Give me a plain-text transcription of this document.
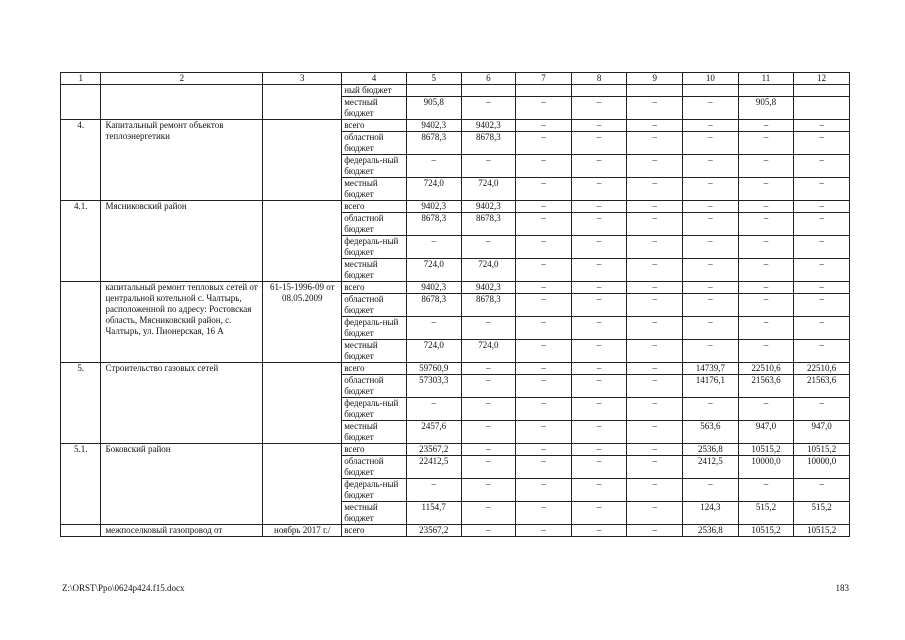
1	2	3	4	5	6	7	8	9	10	11	12
			ный бюджет								
			местный бюджет	905,8	–	–	–	–	–	905,8	
4.	Капитальный ремонт объектов теплоэнергетики		всего	9402,3	9402,3	–	–	–	–	–	–
			областной бюджет	8678,3	8678,3	–	–	–	–	–	–
			федераль-ный бюджет	–	–	–	–	–	–	–	–
			местный бюджет	724,0	724,0	–	–	–	–	–	–
4.1.	Мясниковский район		всего	9402,3	9402,3	–	–	–	–	–	–
			областной бюджет	8678,3	8678,3	–	–	–	–	–	–
			федераль-ный бюджет	–	–	–	–	–	–	–	–
			местный бюджет	724,0	724,0	–	–	–	–	–	–
	капитальный ремонт тепловых сетей от центральной котельной с. Чалтырь, расположенной по адресу: Ростовская область, Мясниковский район, с. Чалтырь, ул. Пионерская, 16 А	61-15-1996-09 от 08.05.2009	всего	9402,3	9402,3	–	–	–	–	–	–
			областной бюджет	8678,3	8678,3	–	–	–	–	–	–
			федераль-ный бюджет	–	–	–	–	–	–	–	–
			местный бюджет	724,0	724,0	–	–	–	–	–	–
5.	Строительство газовых сетей		всего	59760,9	–	–	–	–	14739,7	22510,6	22510,6
			областной бюджет	57303,3	–	–	–	–	14176,1	21563,6	21563,6
			федераль-ный бюджет	–	–	–	–	–	–	–	–
			местный бюджет	2457,6	–	–	–	–	563,6	947,0	947,0
5.1.	Боковский район		всего	23567,2	–	–	–	–	2536,8	10515,2	10515,2
			областной бюджет	22412,5	–	–	–	–	2412,5	10000,0	10000,0
			федераль-ный бюджет	–	–	–	–	–	–	–	–
			местный бюджет	1154,7	–	–	–	–	124,3	515,2	515,2
	межпоселковый газопровод от	ноябрь 2017 г./	всего	23567,2	–	–	–	–	2536,8	10515,2	10515,2
Z:\ORST\Ppo\0624p424.f15.docx	183
